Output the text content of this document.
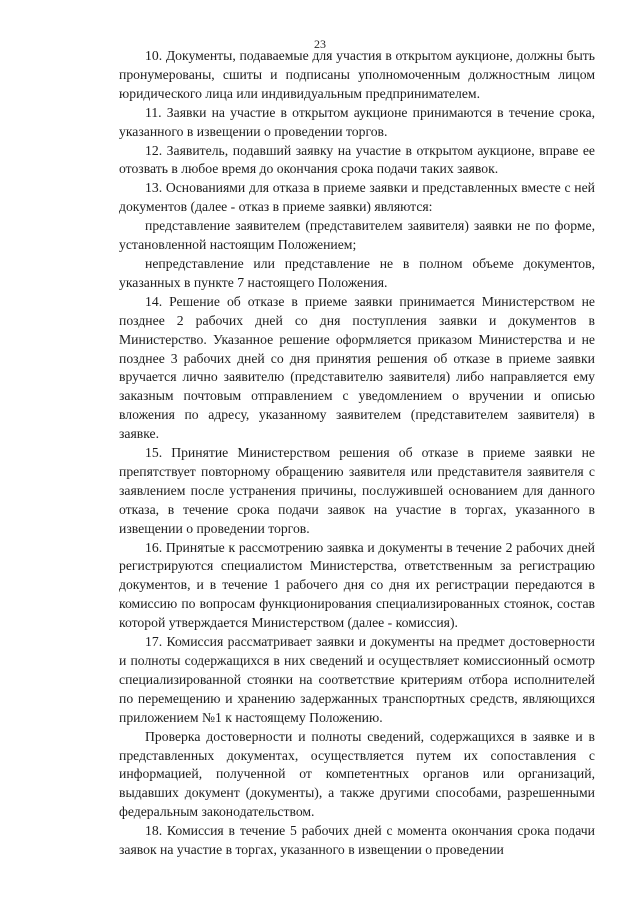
23

10. Документы, подаваемые для участия в открытом аукционе, должны быть пронумерованы, сшиты и подписаны уполномоченным должностным лицом юридического лица или индивидуальным предпринимателем.

11. Заявки на участие в открытом аукционе принимаются в течение срока, указанного в извещении о проведении торгов.

12. Заявитель, подавший заявку на участие в открытом аукционе, вправе ее отозвать в любое время до окончания срока подачи таких заявок.

13. Основаниями для отказа в приеме заявки и представленных вместе с ней документов (далее - отказ в приеме заявки) являются:

представление заявителем (представителем заявителя) заявки не по форме, установленной настоящим Положением;

непредставление или представление не в полном объеме документов, указанных в пункте 7 настоящего Положения.

14. Решение об отказе в приеме заявки принимается Министерством не позднее 2 рабочих дней со дня поступления заявки и документов в Министерство. Указанное решение оформляется приказом Министерства и не позднее 3 рабочих дней со дня принятия решения об отказе в приеме заявки вручается лично заявителю (представителю заявителя) либо направляется ему заказным почтовым отправлением с уведомлением о вручении и описью вложения по адресу, указанному заявителем (представителем заявителя) в заявке.

15. Принятие Министерством решения об отказе в приеме заявки не препятствует повторному обращению заявителя или представителя заявителя с заявлением после устранения причины, послужившей основанием для данного отказа, в течение срока подачи заявок на участие в торгах, указанного в извещении о проведении торгов.

16. Принятые к рассмотрению заявка и документы в течение 2 рабочих дней регистрируются специалистом Министерства, ответственным за регистрацию документов, и в течение 1 рабочего дня со дня их регистрации передаются в комиссию по вопросам функционирования специализированных стоянок, состав которой утверждается Министерством (далее - комиссия).

17. Комиссия рассматривает заявки и документы на предмет достоверности и полноты содержащихся в них сведений и осуществляет комиссионный осмотр специализированной стоянки на соответствие критериям отбора исполнителей по перемещению и хранению задержанных транспортных средств, являющихся приложением №1 к настоящему Положению.

Проверка достоверности и полноты сведений, содержащихся в заявке и в представленных документах, осуществляется путем их сопоставления с информацией, полученной от компетентных органов или организаций, выдавших документ (документы), а также другими способами, разрешенными федеральным законодательством.

18. Комиссия в течение 5 рабочих дней с момента окончания срока подачи заявок на участие в торгах, указанного в извещении о проведении
